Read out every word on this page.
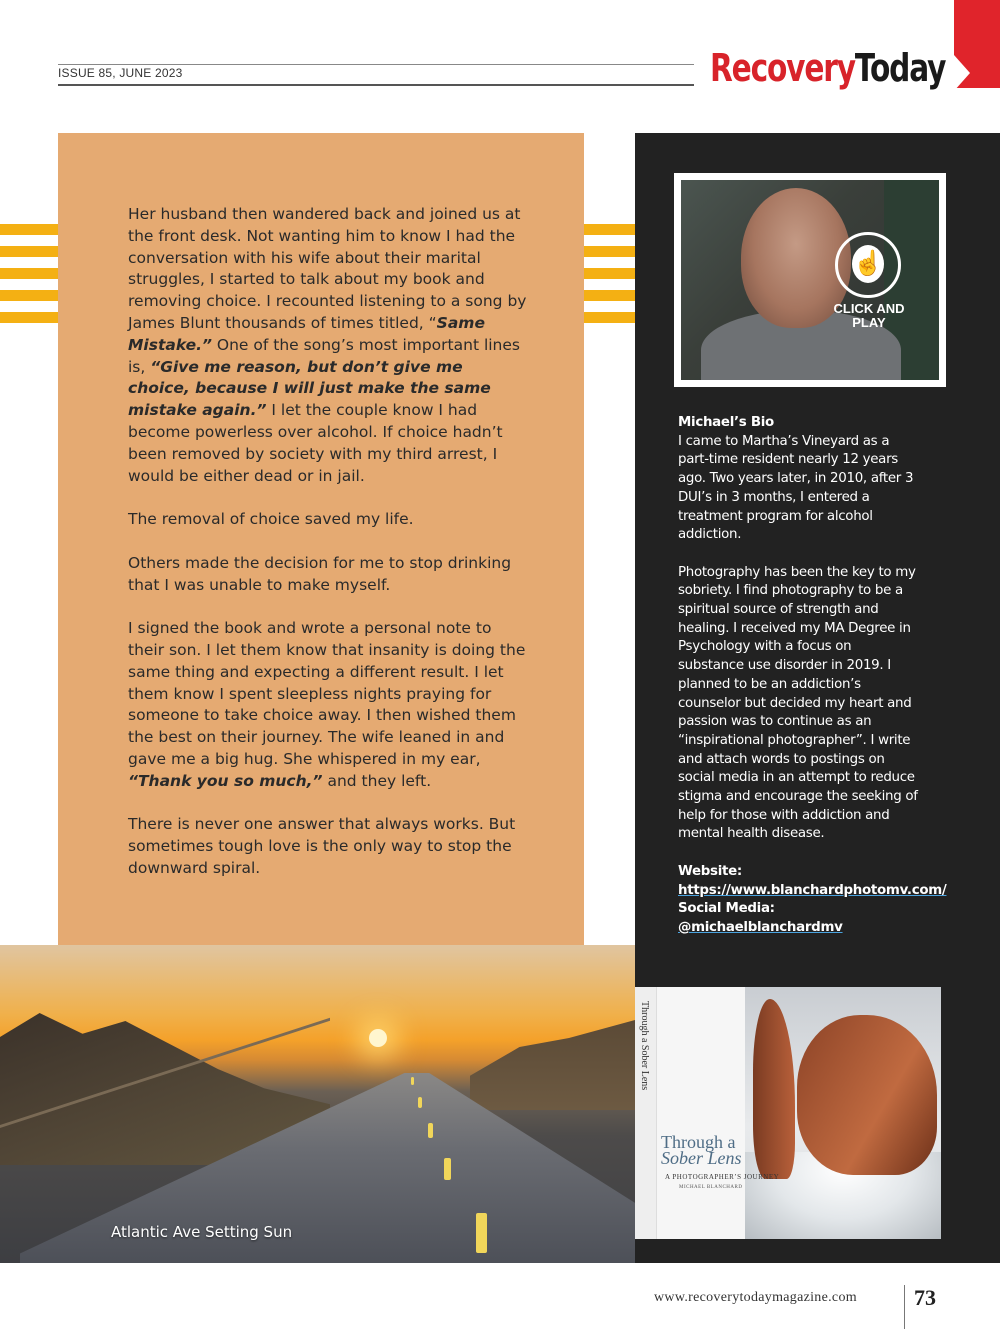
ISSUE 85, JUNE 2023	RecoveryToday

Her husband then wandered back and joined us at the front desk. Not wanting him to know I had the conversation with his wife about their marital struggles, I started to talk about my book and removing choice. I recounted listening to a song by James Blunt thousands of times titled, “Same Mistake.” One of the song’s most important lines is, “Give me reason, but don’t give me choice, because I will just make the same mistake again.” I let the couple know I had become powerless over alcohol. If choice hadn’t been removed by society with my third arrest, I would be either dead or in jail.

The removal of choice saved my life.

Others made the decision for me to stop drinking that I was unable to make myself.

I signed the book and wrote a personal note to their son. I let them know that insanity is doing the same thing and expecting a different result. I let them know I spent sleepless nights praying for someone to take choice away. I then wished them the best on their journey. The wife leaned in and gave me a big hug. She whispered in my ear, “Thank you so much,” and they left.

There is never one answer that always works. But sometimes tough love is the only way to stop the downward spiral.

☝
CLICK AND PLAY
Michael’s Bio

I came to Martha’s Vineyard as a part-time resident nearly 12 years ago. Two years later, in 2010, after 3 DUI’s in 3 months, I entered a treatment program for alcohol addiction.

Photography has been the key to my sobriety. I find photography to be a spiritual source of strength and healing. I received my MA Degree in Psychology with a focus on substance use disorder in 2019. I planned to be an addiction’s counselor but decided my heart and passion was to continue as an “inspirational photographer”. I write and attach words to postings on social media in an attempt to reduce stigma and encourage the seeking of help for those with addiction and mental health disease.

Website: https://www.blanchardphotomv.com/
Social Media:
@michaelblanchardmv
Through a Sober Lens
Through a
Sober Lens
A PHOTOGRAPHER’S JOURNEY
MICHAEL BLANCHARD
Atlantic Ave Setting Sun
www.recoverytodaymagazine.com	73
